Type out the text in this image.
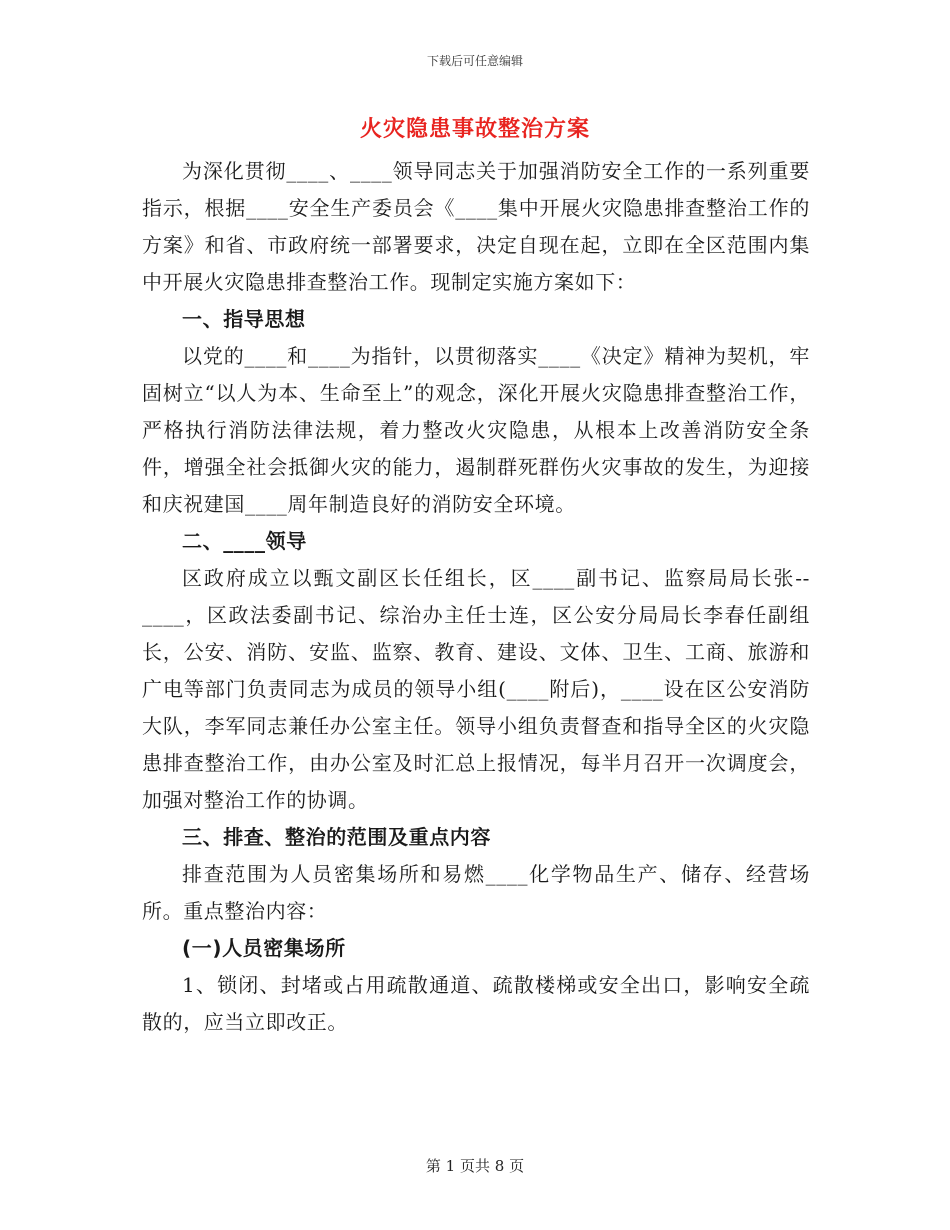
下载后可任意编辑
火灾隐患事故整治方案

为深化贯彻____、____领导同志关于加强消防安全工作的一系列重要指示，根据____安全生产委员会《____集中开展火灾隐患排查整治工作的方案》和省、市政府统一部署要求，决定自现在起，立即在全区范围内集中开展火灾隐患排查整治工作。现制定实施方案如下：

一、指导思想

以党的____和____为指针，以贯彻落实____《决定》精神为契机，牢固树立“以人为本、生命至上”的观念，深化开展火灾隐患排查整治工作，严格执行消防法律法规，着力整改火灾隐患，从根本上改善消防安全条件，增强全社会抵御火灾的能力，遏制群死群伤火灾事故的发生，为迎接和庆祝建国____周年制造良好的消防安全环境。

二、____领导

区政府成立以甄文副区长任组长，区____副书记、监察局局长张--____，区政法委副书记、综治办主任士连，区公安分局局长李春任副组长，公安、消防、安监、监察、教育、建设、文体、卫生、工商、旅游和广电等部门负责同志为成员的领导小组(____附后)，____设在区公安消防大队，李军同志兼任办公室主任。领导小组负责督查和指导全区的火灾隐患排查整治工作，由办公室及时汇总上报情况，每半月召开一次调度会，加强对整治工作的协调。

三、排查、整治的范围及重点内容

排查范围为人员密集场所和易燃____化学物品生产、储存、经营场所。重点整治内容：

(一)人员密集场所

1、锁闭、封堵或占用疏散通道、疏散楼梯或安全出口，影响安全疏散的，应当立即改正。

第 1 页共 8 页
